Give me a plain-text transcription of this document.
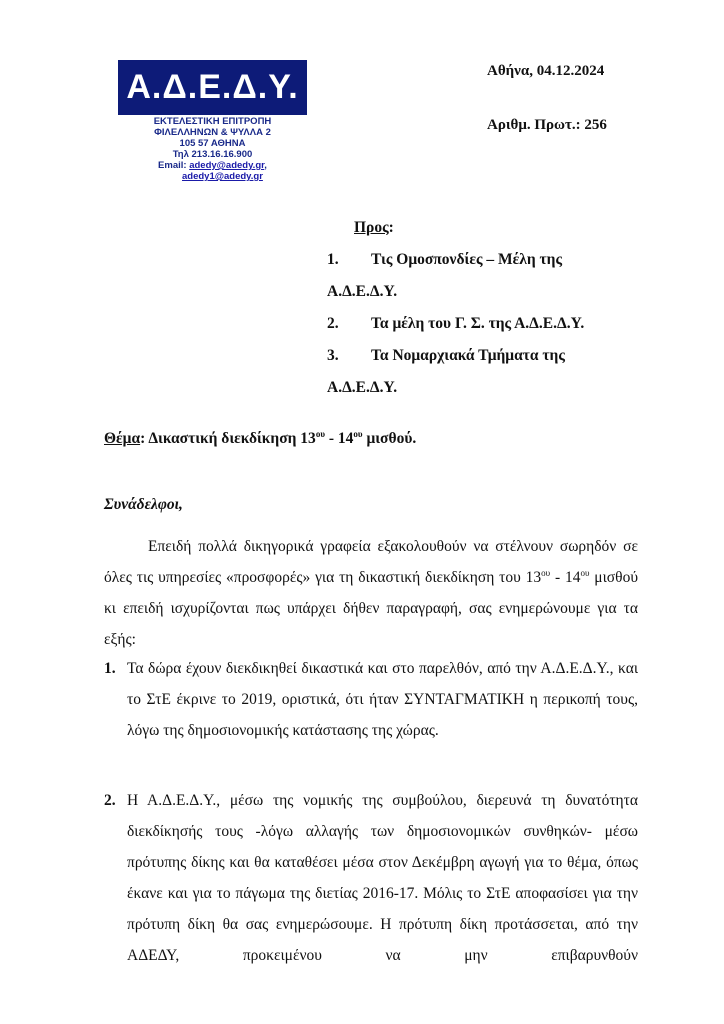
Α.Δ.Ε.Δ.Υ.
ΕΚΤΕΛΕΣΤΙΚΗ ΕΠΙΤΡΟΠΗ
ΦΙΛΕΛΛΗΝΩΝ & ΨΥΛΛΑ 2
105 57 ΑΘΗΝΑ
Τηλ 213.16.16.900
Email: adedy@adedy.gr,
adedy1@adedy.gr
Αθήνα, 04.12.2024
Αριθμ. Πρωτ.: 256
Προς:
1. Τις Ομοσπονδίες – Μέλη της
Α.Δ.Ε.Δ.Υ.
2. Τα μέλη του Γ. Σ. της Α.Δ.Ε.Δ.Υ.
3. Τα Νομαρχιακά Τμήματα της
Α.Δ.Ε.Δ.Υ.
Θέμα: Δικαστική διεκδίκηση $13^{o\upsilon} - 14^{o\upsilon}$ μισθού.
Συνάδελφοι,
Επειδή πολλά δικηγορικά γραφεία εξακολουθούν να στέλνουν σωρηδόν σε όλες τις υπηρεσίες «προσφορές» για τη δικαστική διεκδίκηση του $13^{o\upsilon} - 14^{o\upsilon}$ μισθού κι επειδή ισχυρίζονται πως υπάρχει δήθεν παραγραφή, σας ενημερώνουμε για τα εξής:
1. Τα δώρα έχουν διεκδικηθεί δικαστικά και στο παρελθόν, από την Α.Δ.Ε.Δ.Υ., και το ΣτΕ έκρινε το 2019, οριστικά, ότι ήταν ΣΥΝΤΑΓΜΑΤΙΚΗ η περικοπή τους, λόγω της δημοσιονομικής κατάστασης της χώρας.
2. Η Α.Δ.Ε.Δ.Υ., μέσω της νομικής της συμβούλου, διερευνά τη δυνατότητα διεκδίκησής τους -λόγω αλλαγής των δημοσιονομικών συνθηκών- μέσω πρότυπης δίκης και θα καταθέσει μέσα στον Δεκέμβρη αγωγή για το θέμα, όπως έκανε και για το πάγωμα της διετίας 2016-17. Μόλις το ΣτΕ αποφασίσει για την πρότυπη δίκη θα σας ενημερώσουμε. Η πρότυπη δίκη προτάσσεται, από την ΑΔΕΔΥ, προκειμένου να μην επιβαρυνθούν
